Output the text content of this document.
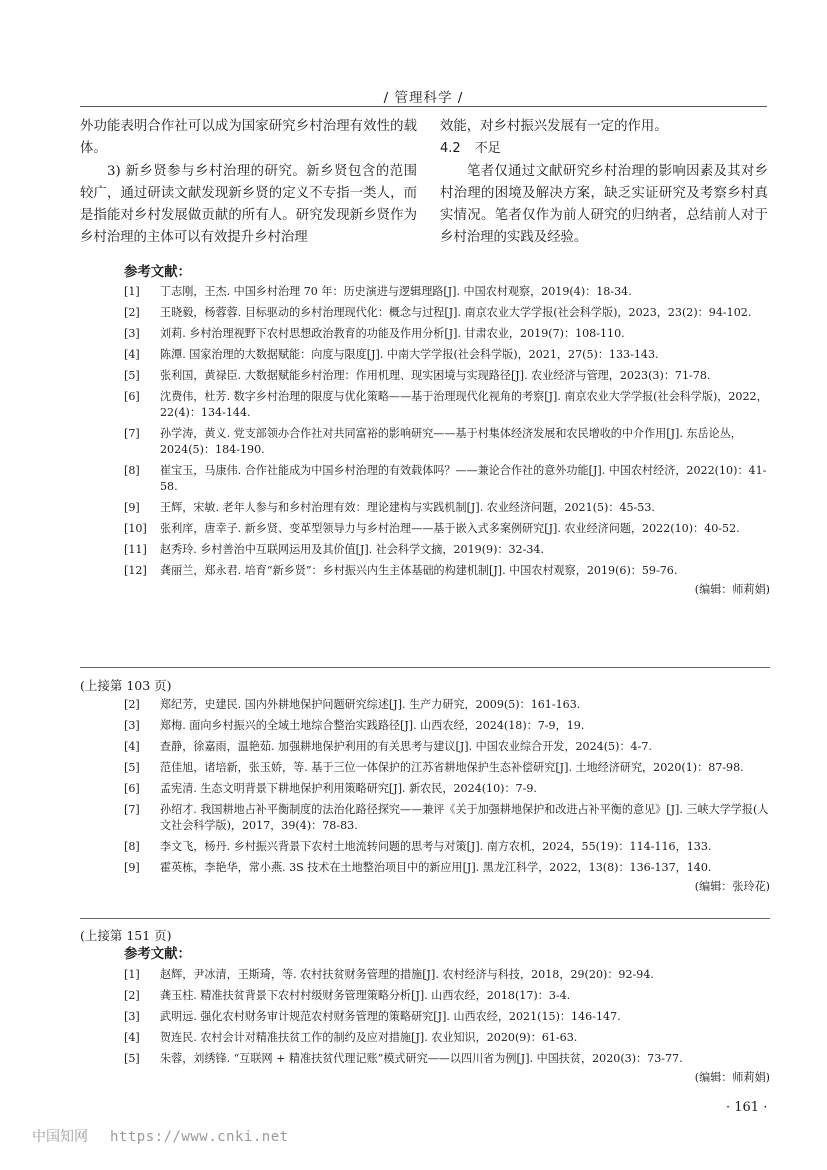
/ 管理科学 /

外功能表明合作社可以成为国家研究乡村治理有效性的载体。

3) 新乡贤参与乡村治理的研究。新乡贤包含的范围较广，通过研读文献发现新乡贤的定义不专指一类人，而是指能对乡村发展做贡献的所有人。研究发现新乡贤作为乡村治理的主体可以有效提升乡村治理

效能，对乡村振兴发展有一定的作用。

4.2 不足

笔者仅通过文献研究乡村治理的影响因素及其对乡村治理的困境及解决方案，缺乏实证研究及考察乡村真实情况。笔者仅作为前人研究的归纳者，总结前人对于乡村治理的实践及经验。

参考文献：
[1]	丁志刚，王杰. 中国乡村治理 70 年：历史演进与逻辑理路[J]. 中国农村观察，2019(4)：18-34.
[2]	王晓毅，杨蓉蓉. 目标驱动的乡村治理现代化：概念与过程[J]. 南京农业大学学报(社会科学版)，2023，23(2)：94-102.
[3]	刘莉. 乡村治理视野下农村思想政治教育的功能及作用分析[J]. 甘肃农业，2019(7)：108-110.
[4]	陈潭. 国家治理的大数据赋能：向度与限度[J]. 中南大学学报(社会科学版)，2021，27(5)：133-143.
[5]	张利国，黄禄臣. 大数据赋能乡村治理：作用机理、现实困境与实现路径[J]. 农业经济与管理，2023(3)：71-78.
[6]	沈费伟，杜芳. 数字乡村治理的限度与优化策略——基于治理现代化视角的考察[J]. 南京农业大学学报(社会科学版)，2022，22(4)：134-144.
[7]	孙学涛，黄义. 党支部领办合作社对共同富裕的影响研究——基于村集体经济发展和农民增收的中介作用[J]. 东岳论丛，2024(5)：184-190.
[8]	崔宝玉，马康伟. 合作社能成为中国乡村治理的有效载体吗？——兼论合作社的意外功能[J]. 中国农村经济，2022(10)：41-58.
[9]	王辉，宋敏. 老年人参与和乡村治理有效：理论建构与实践机制[J]. 农业经济问题，2021(5)：45-53.
[10]	张利庠，唐幸子. 新乡贤、变革型领导力与乡村治理——基于嵌入式多案例研究[J]. 农业经济问题，2022(10)：40-52.
[11]	赵秀玲. 乡村善治中互联网运用及其价值[J]. 社会科学文摘，2019(9)：32-34.
[12]	龚丽兰，郑永君. 培育“新乡贤”：乡村振兴内生主体基础的构建机制[J]. 中国农村观察，2019(6)：59-76.
(编辑：师莉娟)
(上接第 103 页)
[2]	郑纪芳，史建民. 国内外耕地保护问题研究综述[J]. 生产力研究，2009(5)：161-163.
[3]	郑梅. 面向乡村振兴的全域土地综合整治实践路径[J]. 山西农经，2024(18)：7-9，19.
[4]	查静，徐嘉雨，温艳茹. 加强耕地保护利用的有关思考与建议[J]. 中国农业综合开发，2024(5)：4-7.
[5]	范佳旭，诸培新，张玉娇，等. 基于三位一体保护的江苏省耕地保护生态补偿研究[J]. 土地经济研究，2020(1)：87-98.
[6]	孟宪清. 生态文明背景下耕地保护利用策略研究[J]. 新农民，2024(10)：7-9.
[7]	孙绍才. 我国耕地占补平衡制度的法治化路径探究——兼评《关于加强耕地保护和改进占补平衡的意见》[J]. 三峡大学学报(人文社会科学版)，2017，39(4)：78-83.
[8]	李文飞，杨丹. 乡村振兴背景下农村土地流转问题的思考与对策[J]. 南方农机，2024，55(19)：114-116，133.
[9]	霍英栋，李艳华，常小燕. 3S 技术在土地整治项目中的新应用[J]. 黑龙江科学，2022，13(8)：136-137，140.
(编辑：张玲花)
(上接第 151 页)
参考文献：
[1]	赵辉，尹冰清，王斯琦，等. 农村扶贫财务管理的措施[J]. 农村经济与科技，2018，29(20)：92-94.
[2]	龚玉柱. 精准扶贫背景下农村村级财务管理策略分析[J]. 山西农经，2018(17)：3-4.
[3]	武明远. 强化农村财务审计规范农村财务管理的策略研究[J]. 山西农经，2021(15)：146-147.
[4]	贺连民. 农村会计对精准扶贫工作的制约及应对措施[J]. 农业知识，2020(9)：61-63.
[5]	朱蓉，刘绣锋. “互联网 + 精准扶贫代理记账”模式研究——以四川省为例[J]. 中国扶贫，2020(3)：73-77.
(编辑：师莉娟)
· 161 ·
中国知网 https://www.cnki.net
